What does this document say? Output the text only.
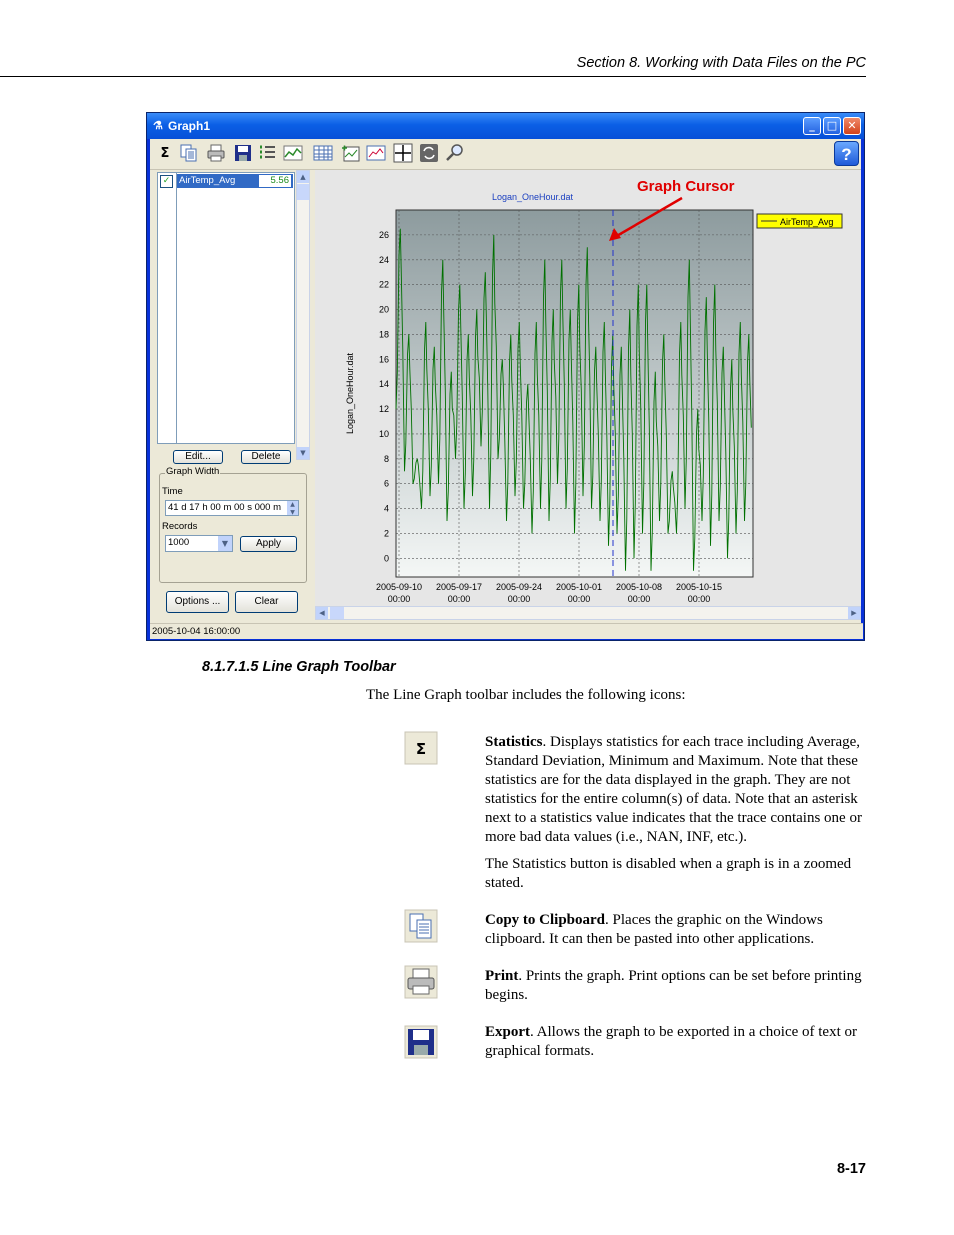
Section 8. Working with Data Files on the PC
⚗ Graph1	_	□ ✕
Σ	?
✓ AirTemp_Avg	5.56	▲
▼
Edit...	Delete
Graph Width
Time
41 d 17 h 00 m 00 s 000 m	▲
▼
Records
1000	▼	Apply
Options ...	Clear
Logan_OneHour.dat
0
2
4
6
8
10
12
14
16
18
20
22
24
26
2005-09-10
00:00
2005-09-17
00:00
2005-09-24
00:00
2005-10-01
00:00
2005-10-08
00:00
2005-10-15
00:00
Logan_OneHour.dat
Graph Cursor
AirTemp_Avg
◀	▶
2005-10-04 16:00:00
8.1.7.1.5 Line Graph Toolbar
The Line Graph toolbar includes the following icons:
Σ	Statistics. Displays statistics for each trace including Average, Standard Deviation, Minimum and Maximum. Note that these statistics are for the data displayed in the graph. They are not statistics for the entire column(s) of data. Note that an asterisk next to a statistics value indicates that the trace contains one or more bad data values (i.e., NAN, INF, etc.).

The Statistics button is disabled when a graph is in a zoomed stated.

Copy to Clipboard. Places the graphic on the Windows clipboard. It can then be pasted into other applications.

Print. Prints the graph. Print options can be set before printing begins.

Export. Allows the graph to be exported in a choice of text or graphical formats.

8-17
